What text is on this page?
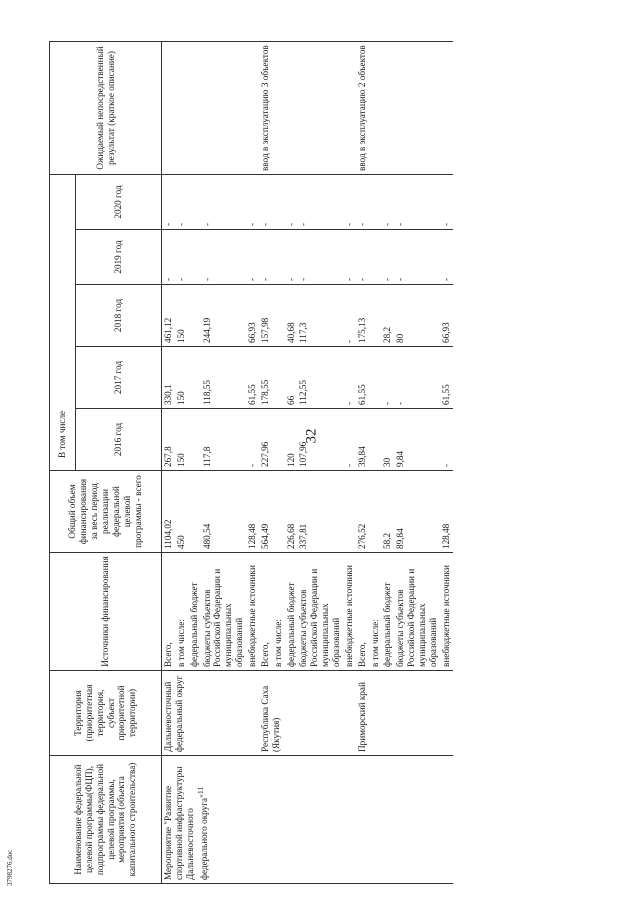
32
3798276.doc	Наименование федеральной целевой программы(ФЦП), подпрограммы федеральной целевой программы, мероприятия (объекта капитального строительства)	Территория (приоритетная территория, субъект приоритетной территории)	Источники финансирования	Общий объем финансирования за весь период реализации федеральной целевой программы - всего	В том числе					Ожидаемый непосредственный результат (краткое описание)
				2016 год	2017 год	2018 год	2019 год	2020 год	
Мероприятие "Развитие спортивной инфраструктуры Дальневосточного федерального округа"$^{11}$	Дальневосточный федеральный округ	Всего,	1104,02	267,8	330,1	461,12	-	-	
		в том числе:	450	150	150	150	-	-	
		федеральный бюджет							
		бюджеты субъектов Российской Федерации и муниципальных образований	480,54	117,8	118,55	244,19	-	-	
		внебюджетные источники	128,48	-	61,55	66,93	-	-	
	Республика Саха (Якутия)	Всего,	564,49	227,96	178,55	157,98	-	-	ввод в эксплуатацию 3 объектов
		в том числе:							
		федеральный бюджет	226,68	120	66	40,68	-	-	
		бюджеты субъектов Российской Федерации и муниципальных образований	337,81	107,96	112,55	117,3	-	-	
		внебюджетные источники		-	-	-	-	-	
	Приморский край	Всего,	276,52	39,84	61,55	175,13	-	-	ввод в эксплуатацию 2 объектов
		в том числе:							
		федеральный бюджет	58,2	30	-	28,2	-	-	
		бюджеты субъектов Российской Федерации и муниципальных образований	89,84	9,84	-	80	-	-	
		внебюджетные источники	128,48	-	61,55	66,93	-	-	
